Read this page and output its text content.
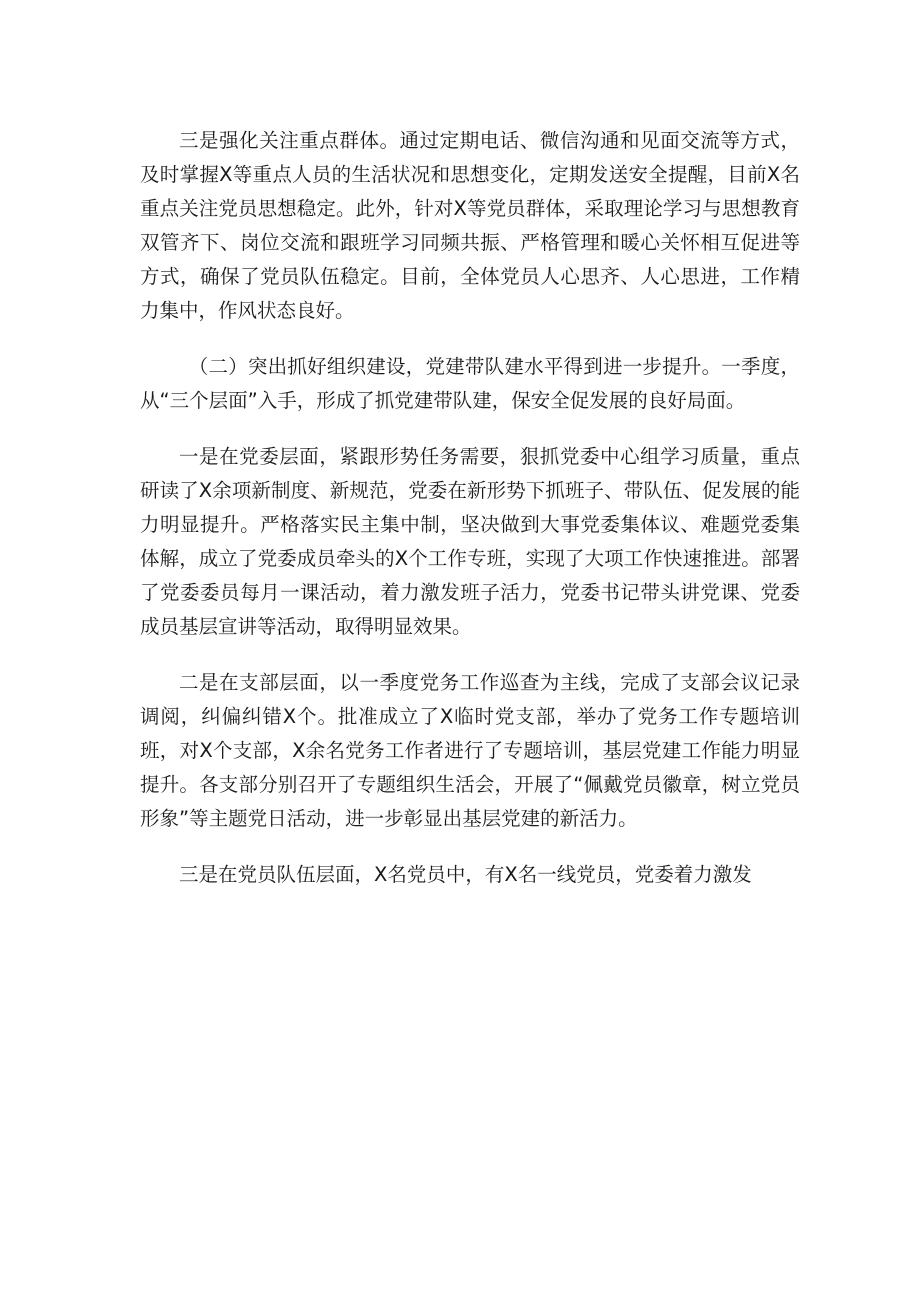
三是强化关注重点群体。通过定期电话、微信沟通和见面交流等方式，及时掌握X等重点人员的生活状况和思想变化，定期发送安全提醒，目前X名重点关注党员思想稳定。此外，针对X等党员群体，采取理论学习与思想教育双管齐下、岗位交流和跟班学习同频共振、严格管理和暖心关怀相互促进等方式，确保了党员队伍稳定。目前，全体党员人心思齐、人心思进，工作精力集中，作风状态良好。

（二）突出抓好组织建设，党建带队建水平得到进一步提升。一季度，从“三个层面”入手，形成了抓党建带队建，保安全促发展的良好局面。

一是在党委层面，紧跟形势任务需要，狠抓党委中心组学习质量，重点研读了X余项新制度、新规范，党委在新形势下抓班子、带队伍、促发展的能力明显提升。严格落实民主集中制，坚决做到大事党委集体议、难题党委集体解，成立了党委成员牵头的X个工作专班，实现了大项工作快速推进。部署了党委委员每月一课活动，着力激发班子活力，党委书记带头讲党课、党委成员基层宣讲等活动，取得明显效果。

二是在支部层面，以一季度党务工作巡查为主线，完成了支部会议记录调阅，纠偏纠错X个。批准成立了X临时党支部，举办了党务工作专题培训班，对X个支部，X余名党务工作者进行了专题培训，基层党建工作能力明显提升。各支部分别召开了专题组织生活会，开展了“佩戴党员徽章，树立党员形象”等主题党日活动，进一步彰显出基层党建的新活力。

三是在党员队伍层面，X名党员中，有X名一线党员，党委着力激发
